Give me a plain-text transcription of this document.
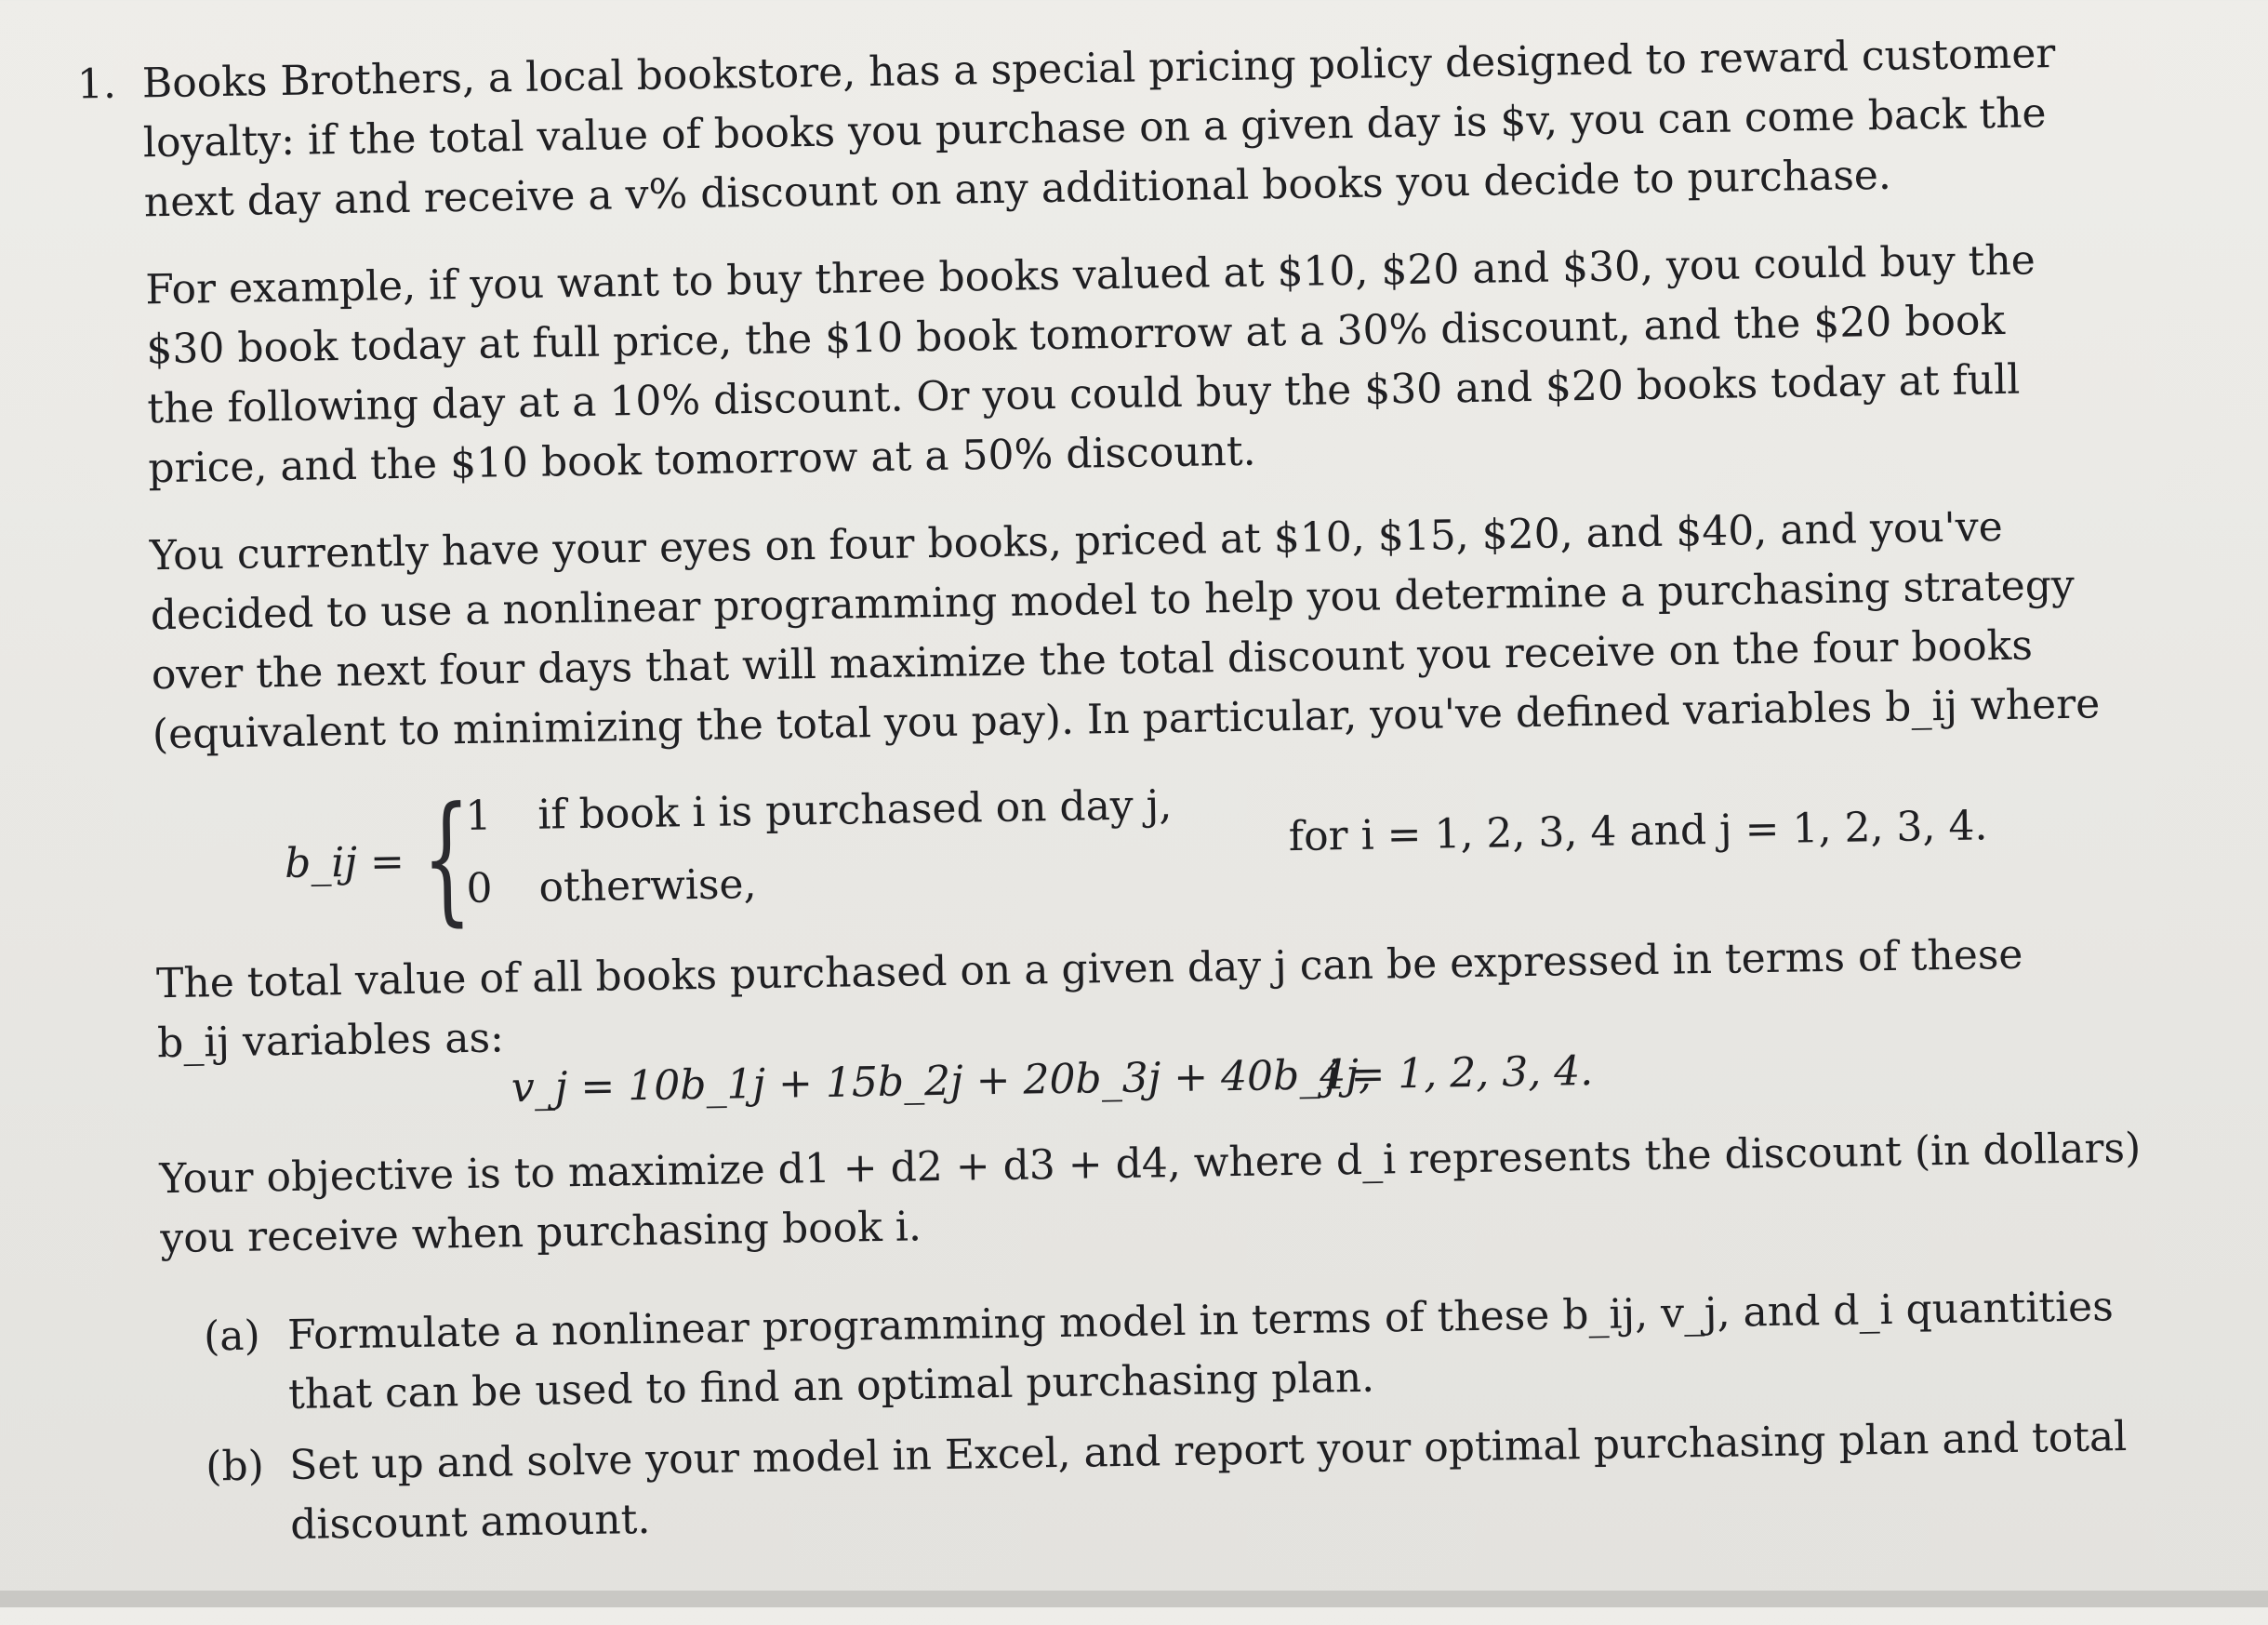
1. Books Brothers, a local bookstore, has a special pricing policy designed to reward customer
loyalty: if the total value of books you purchase on a given day is $v, you can come back the
next day and receive a v% discount on any additional books you decide to purchase.
For example, if you want to buy three books valued at $10, $20 and $30, you could buy the
$30 book today at full price, the $10 book tomorrow at a 30% discount, and the $20 book
the following day at a 10% discount. Or you could buy the $30 and $20 books today at full
price, and the $10 book tomorrow at a 50% discount.
You currently have your eyes on four books, priced at $10, $15, $20, and $40, and you've
decided to use a nonlinear programming model to help you determine a purchasing strategy
over the next four days that will maximize the total discount you receive on the four books
(equivalent to minimizing the total you pay). In particular, you've defined variables b_ij where
b_ij = {
1 if book i is purchased on day j,
0 otherwise,
for i = 1, 2, 3, 4 and j = 1, 2, 3, 4.
The total value of all books purchased on a given day j can be expressed in terms of these
b_ij variables as:
v_j = 10b_1j + 15b_2j + 20b_3j + 40b_4j,
j = 1, 2, 3, 4.
Your objective is to maximize d1 + d2 + d3 + d4, where d_i represents the discount (in dollars)
you receive when purchasing book i.
(a) Formulate a nonlinear programming model in terms of these b_ij, v_j, and d_i quantities
that can be used to find an optimal purchasing plan.
(b) Set up and solve your model in Excel, and report your optimal purchasing plan and total
discount amount.
